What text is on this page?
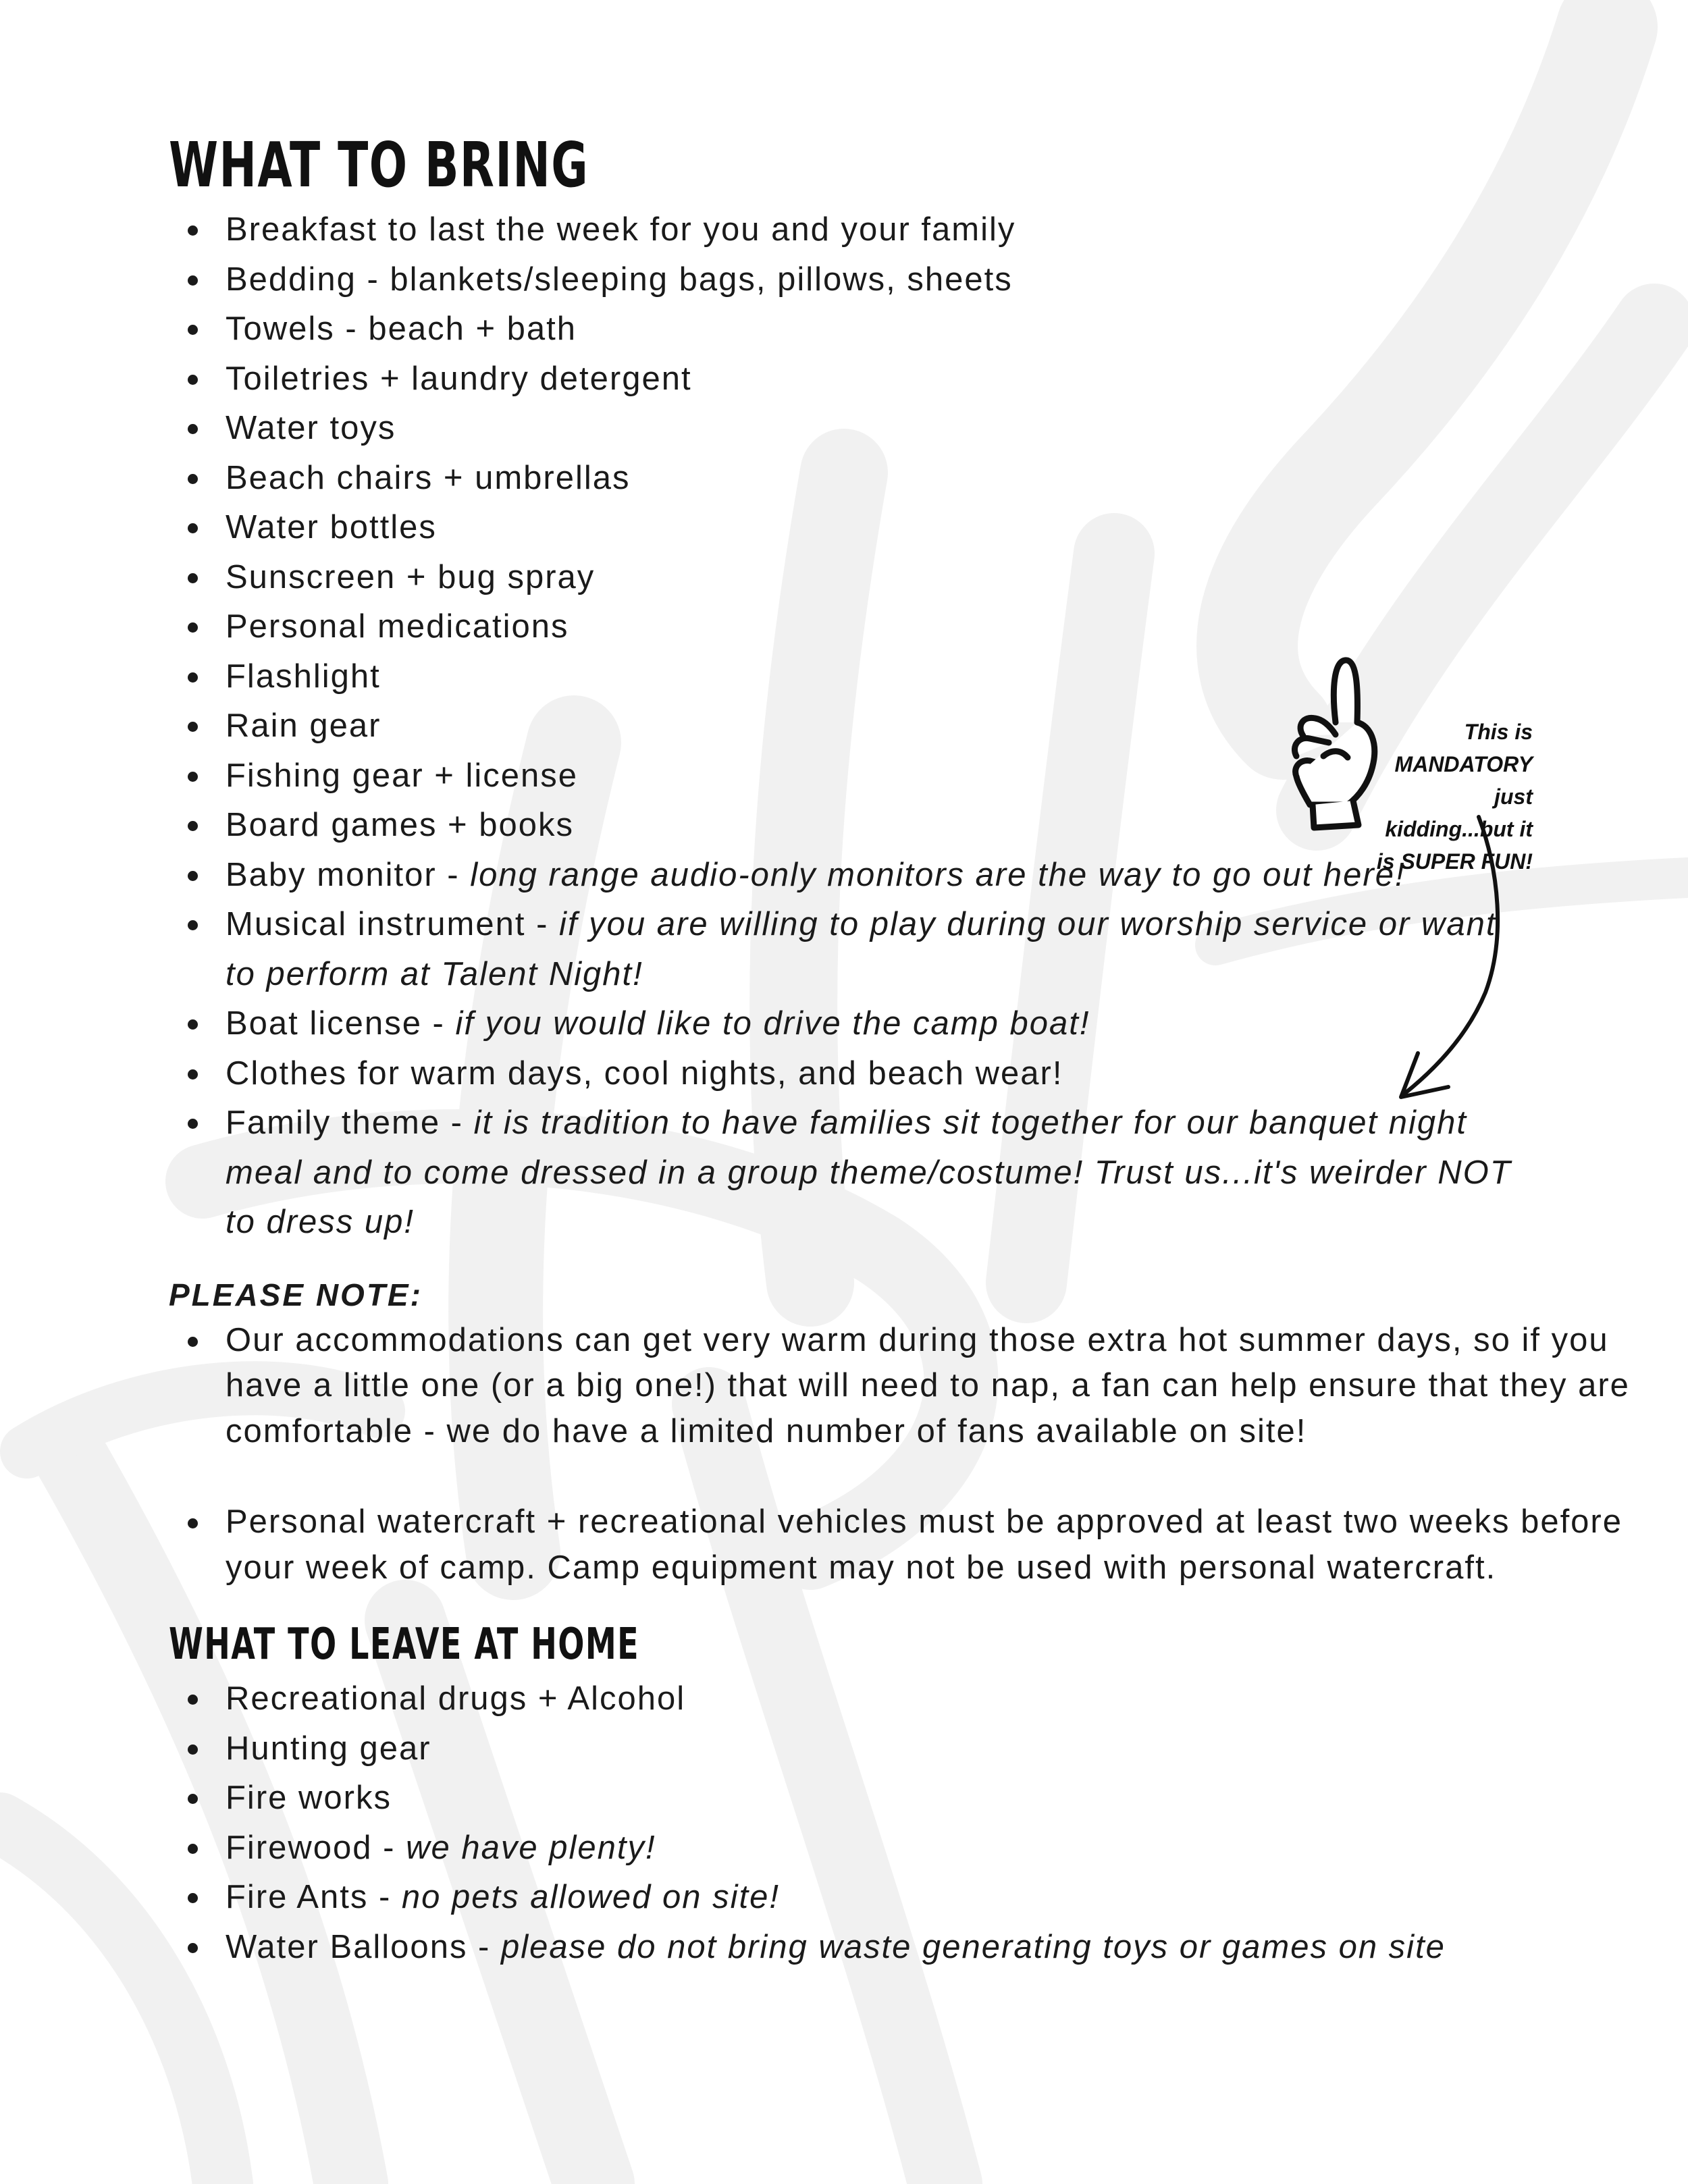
WHAT TO BRING
Breakfast to last the week for you and your family
Bedding - blankets/sleeping bags, pillows, sheets
Towels - beach + bath
Toiletries + laundry detergent
Water toys
Beach chairs + umbrellas
Water bottles
Sunscreen + bug spray
Personal medications
Flashlight
Rain gear
Fishing gear + license
Board games + books
Baby monitor - long range audio-only monitors are the way to go out here!
Musical instrument - if you are willing to play during our worship service or want to perform at Talent Night!
Boat license - if you would like to drive the camp boat!
Clothes for warm days, cool nights, and beach wear!
Family theme - it is tradition to have families sit together for our banquet night meal and to come dressed in a group theme/costume! Trust us...it's weirder NOT to dress up!

PLEASE NOTE:

Our accommodations can get very warm during those extra hot summer days, so if you have a little one (or a big one!) that will need to nap, a fan can help ensure that they are comfortable - we do have a limited number of fans available on site!
Personal watercraft + recreational vehicles must be approved at least two weeks before your week of camp. Camp equipment may not be used with personal watercraft.
WHAT TO LEAVE AT HOME
Recreational drugs + Alcohol
Hunting gear
Fire works
Firewood - we have plenty!
Fire Ants - no pets allowed on site!
Water Balloons - please do not bring waste generating toys or games on site
This is MANDATORY
just kidding...but it
is SUPER FUN!
